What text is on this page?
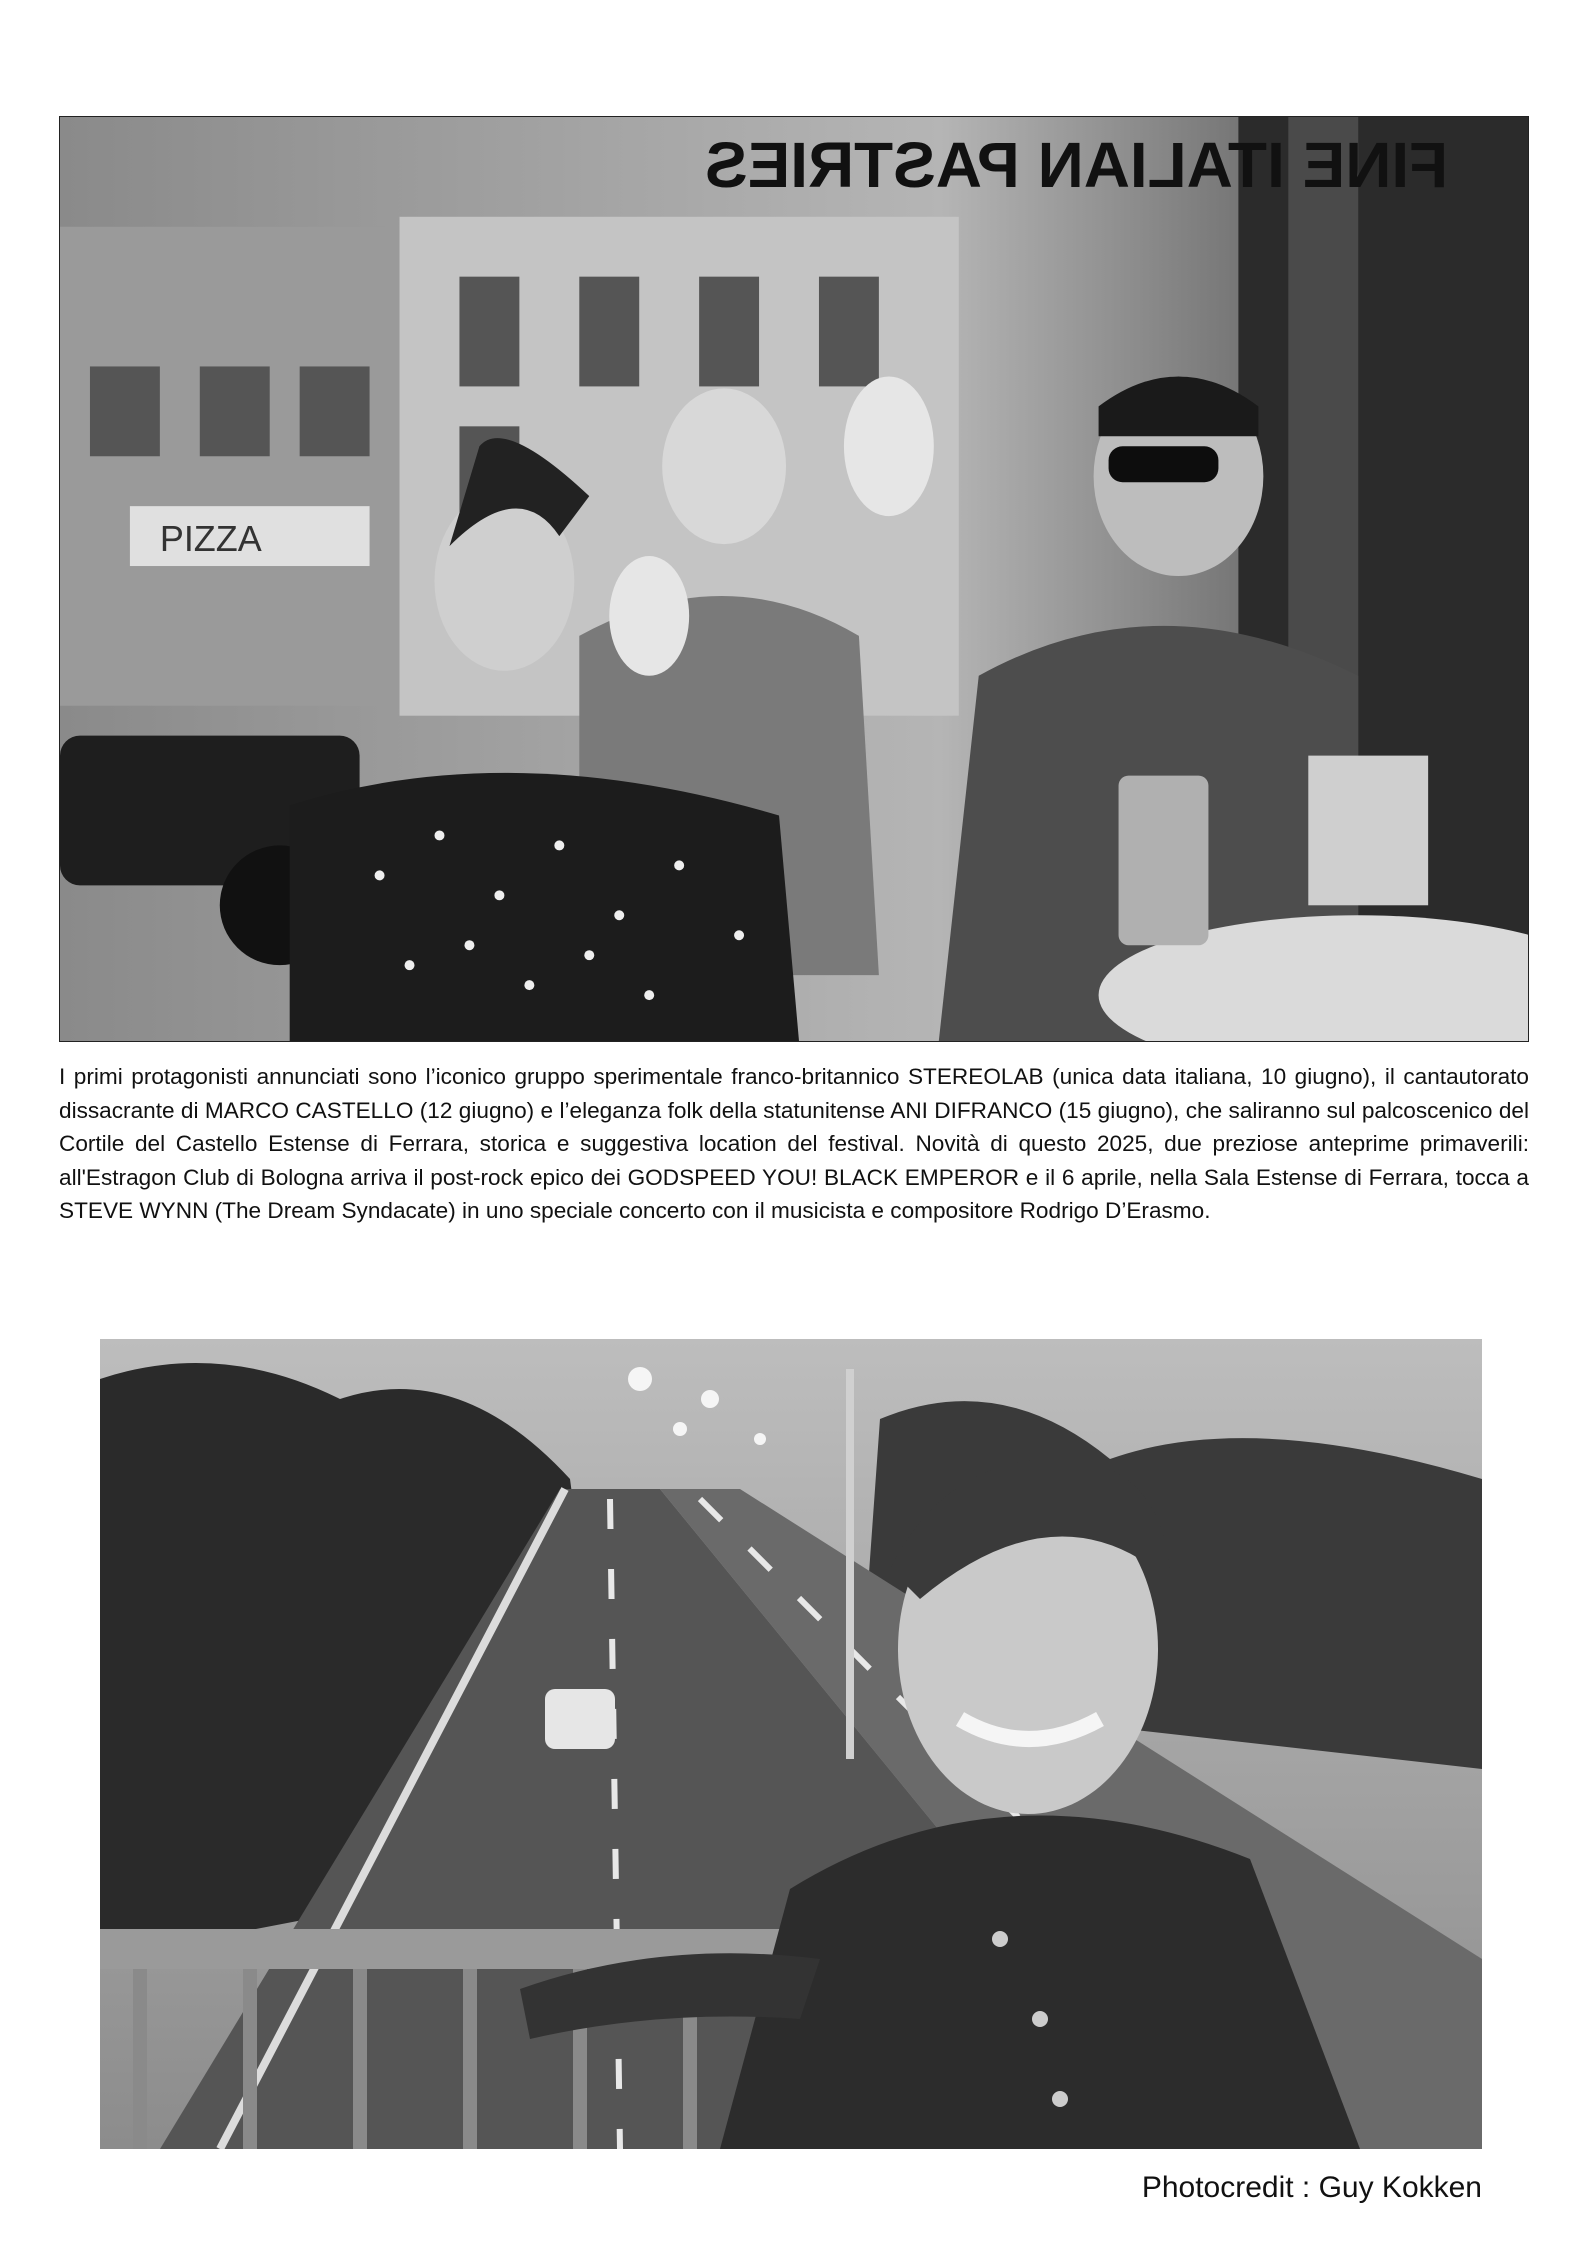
FINE ITALIAN PASTRIES
PIZZA

I primi protagonisti annunciati sono l’iconico gruppo sperimentale franco-britannico STEREOLAB (unica data italiana, 10 giugno), il cantautorato dissacrante di MARCO CASTELLO (12 giugno) e l’eleganza folk della statunitense ANI DIFRANCO (15 giugno), che saliranno sul palcoscenico del Cortile del Castello Estense di Ferrara, storica e suggestiva location del festival. Novità di questo 2025, due preziose anteprime primaverili: all'Estragon Club di Bologna arriva il post-rock epico dei GODSPEED YOU! BLACK EMPEROR e il 6 aprile, nella Sala Estense di Ferrara, tocca a STEVE WYNN (The Dream Syndacate) in uno speciale concerto con il musicista e compositore Rodrigo D’Erasmo.

Photocredit : Guy Kokken
